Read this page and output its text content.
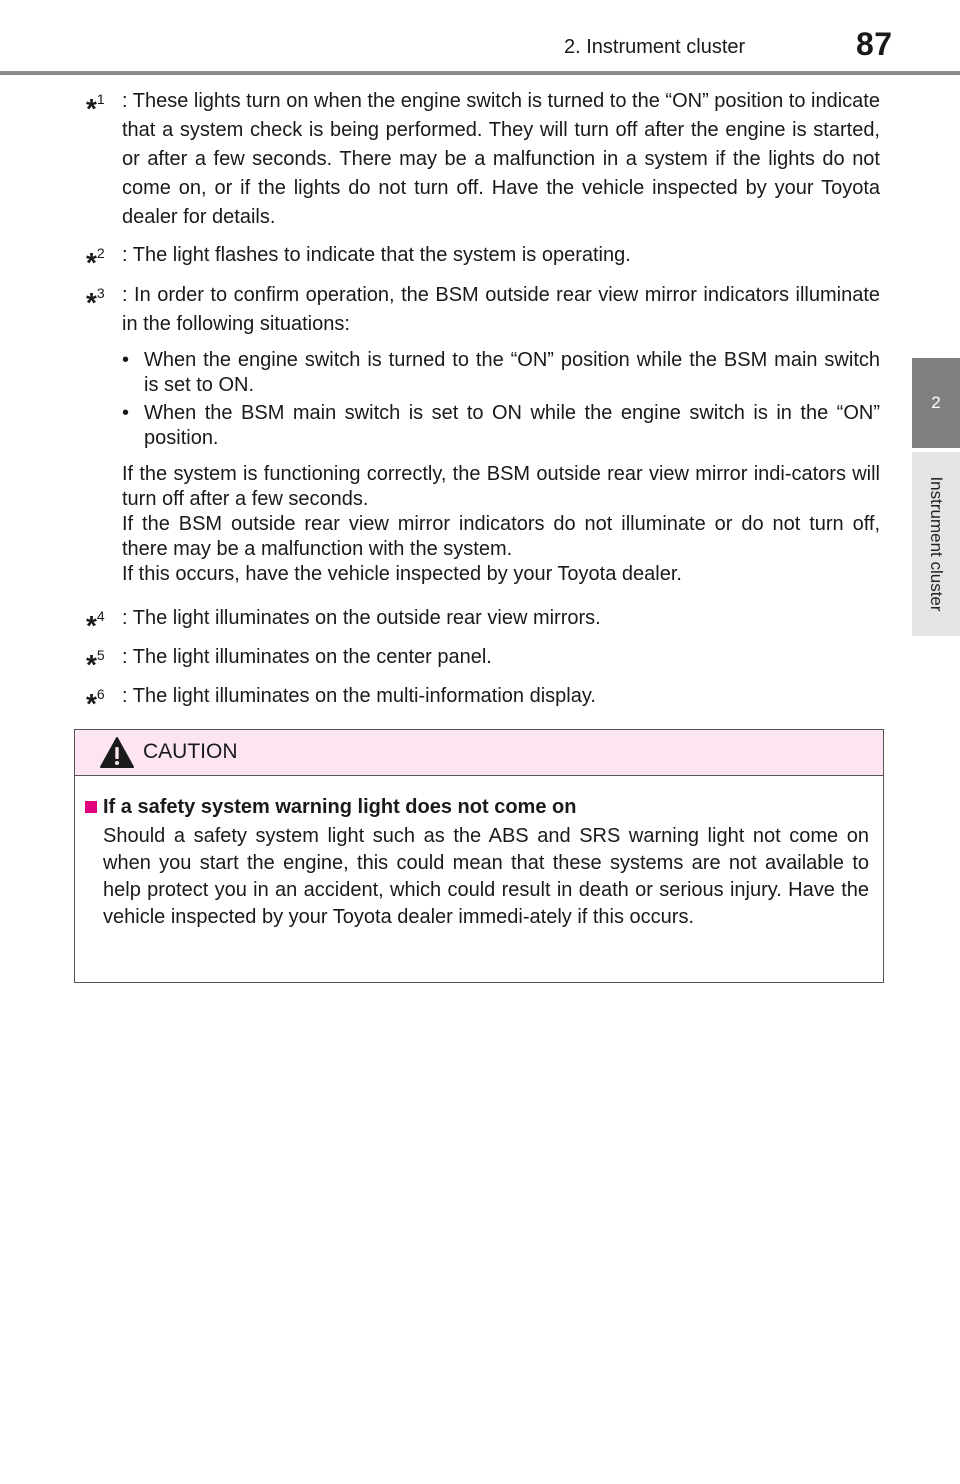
2. Instrument cluster	87
2
Instrument cluster
*$^1$ : These lights turn on when the engine switch is turned to the “ON” position to indicate that a system check is being performed. They will turn off after the engine is started, or after a few seconds. There may be a malfunction in a system if the lights do not come on, or if the lights do not turn off. Have the vehicle inspected by your Toyota dealer for details.
*$^2$ : The light flashes to indicate that the system is operating.
*$^3$ : In order to confirm operation, the BSM outside rear view mirror indicators illuminate in the following situations:
• When the engine switch is turned to the “ON” position while the BSM main switch is set to ON.
• When the BSM main switch is set to ON while the engine switch is in the “ON” position.
If the system is functioning correctly, the BSM outside rear view mirror indi-cators will turn off after a few seconds.
If the BSM outside rear view mirror indicators do not illuminate or do not turn off, there may be a malfunction with the system.
If this occurs, have the vehicle inspected by your Toyota dealer.
*$^4$ : The light illuminates on the outside rear view mirrors.
*$^5$ : The light illuminates on the center panel.
*$^6$ : The light illuminates on the multi-information display.
CAUTION
If a safety system warning light does not come on
Should a safety system light such as the ABS and SRS warning light not come on when you start the engine, this could mean that these systems are not available to help protect you in an accident, which could result in death or serious injury. Have the vehicle inspected by your Toyota dealer immedi-ately if this occurs.
